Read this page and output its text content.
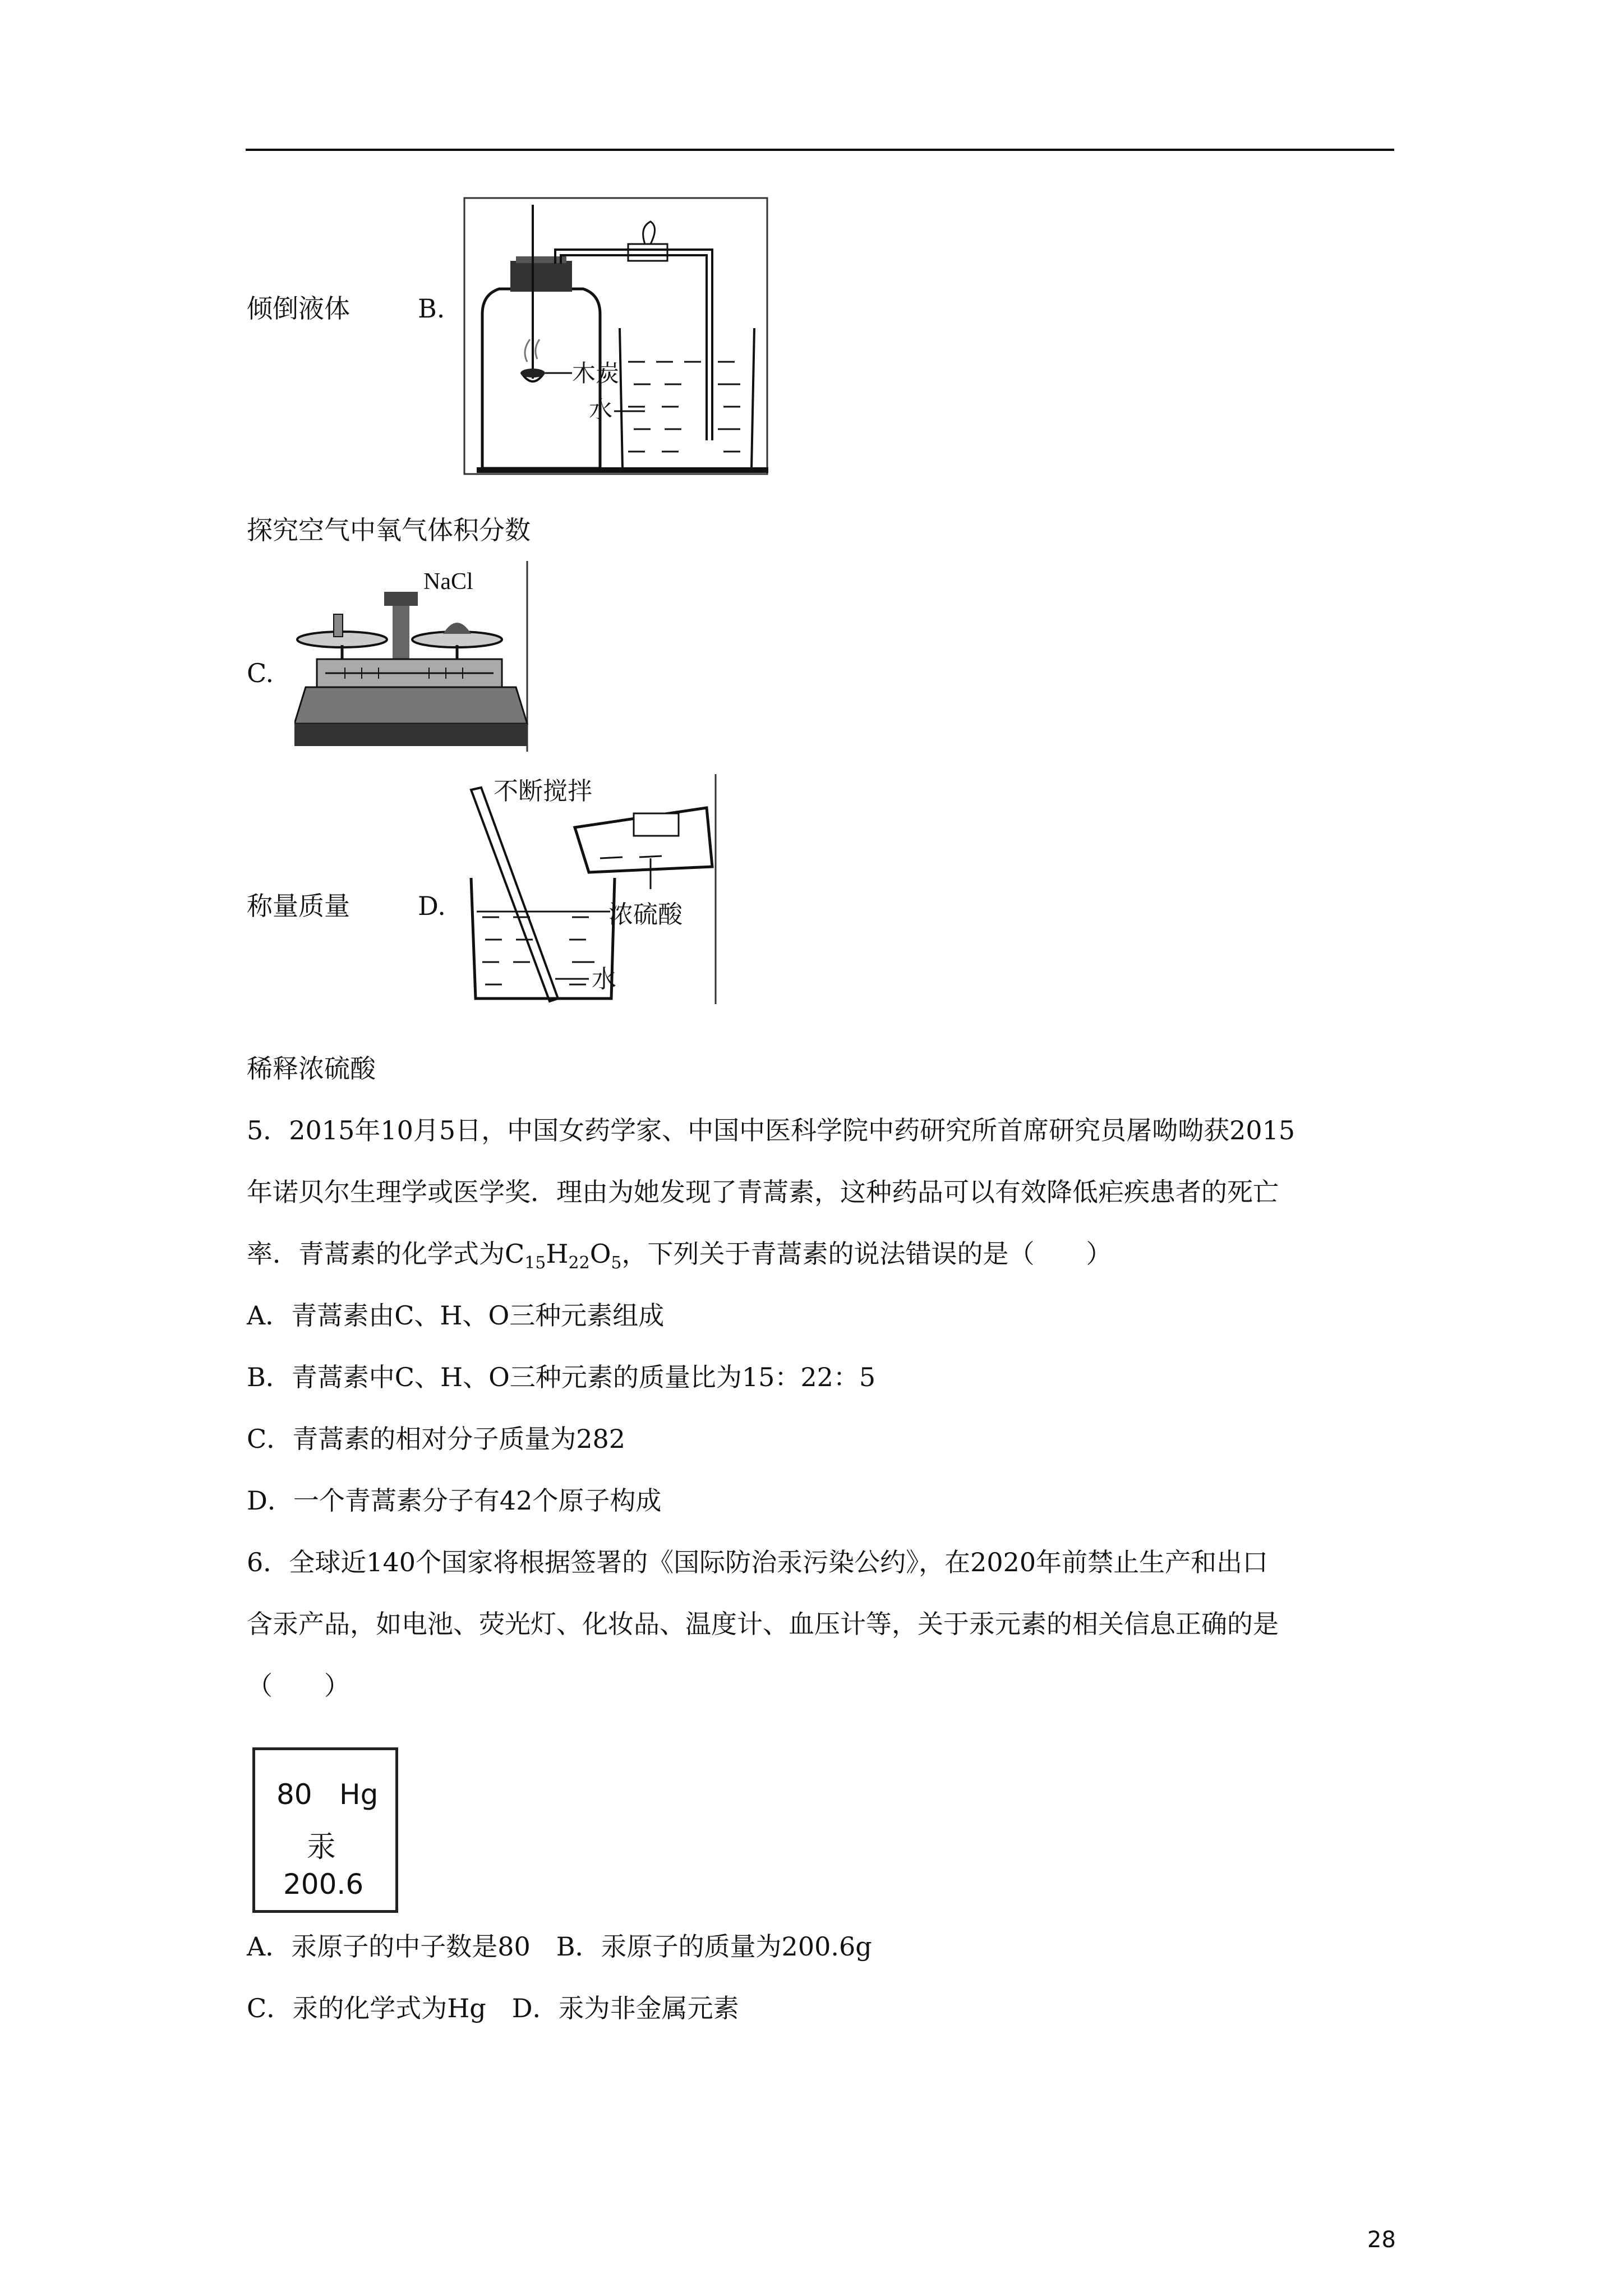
倾倒液体	B.
木炭
水
探究空气中氧气体积分数
NaCl
C.
不断搅拌
水
浓硫酸
称量质量	D.
稀释浓硫酸
5．2015年10月5日，中国女药学家、中国中医科学院中药研究所首席研究员屠呦呦获2015
年诺贝尔生理学或医学奖．理由为她发现了青蒿素，这种药品可以有效降低疟疾患者的死亡
率．青蒿素的化学式为$C_{15}H_{22}O_5$，下列关于青蒿素的说法错误的是（　　）
A．青蒿素由C、H、O三种元素组成
B．青蒿素中C、H、O三种元素的质量比为15：22：5
C．青蒿素的相对分子质量为282
D．一个青蒿素分子有42个原子构成
6．全球近140个国家将根据签署的《国际防治汞污染公约》，在2020年前禁止生产和出口
含汞产品，如电池、荧光灯、化妆品、温度计、血压计等，关于汞元素的相关信息正确的是
（　　）
80 Hg
汞
200.6
A．汞原子的中子数是80　B．汞原子的质量为200.6g
C．汞的化学式为Hg　D．汞为非金属元素
28
